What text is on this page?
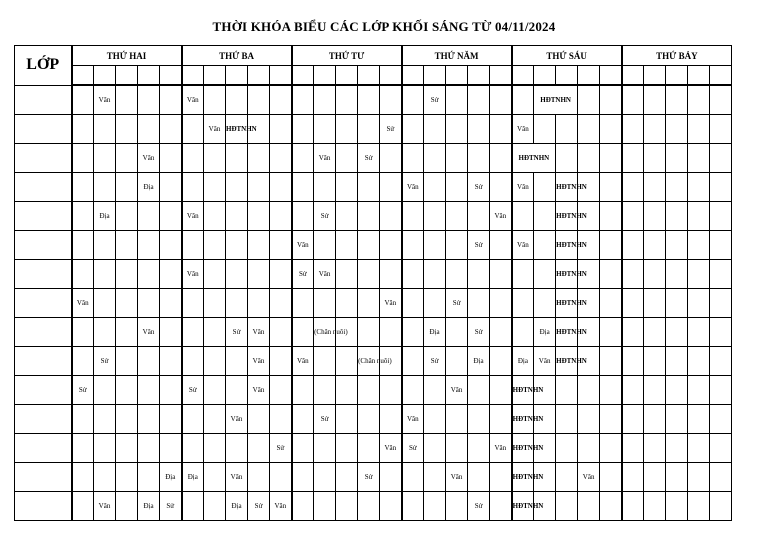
THỜI KHÓA BIỂU CÁC LỚP KHỐI SÁNG TỪ 04/11/2024
LỚP	THỨ HAI					THỨ BA					THỨ TƯ					THỨ NĂM					THỨ SÁU					THỨ BẢY				

		Văn				Văn											Sử					HĐTNHN								
							Văn	HĐTNHN							Sử						Văn									
				Văn								Văn		Sử							HĐTNHN									
				Địa												Văn			Sử		Văn		HĐTNHN							
		Địa				Văn						Sử								Văn			HĐTNHN							
											Văn								Sử		Văn		HĐTNHN							
						Văn					Sử	Văn											HĐTNHN							
	Văn														Văn			Sử					HĐTNHN							
				Văn				Sử	Văn			(Chăn nuôi)					Địa		Sử			Địa	HĐTNHN							
		Sử							Văn		Văn			(Chăn nuôi)			Sử		Địa		Địa	Văn	HĐTNHN							
	Sử					Sử			Văn									Văn			HĐTNHN									
								Văn				Sử				Văn					HĐTNHN									
										Sử					Văn	Sử				Văn	HĐTNHN									
					Địa	Địa		Văn						Sử				Văn			HĐTNHN			Văn						
		Văn		Địa	Sử			Địa	Sử	Văn									Sử		HĐTNHN									
